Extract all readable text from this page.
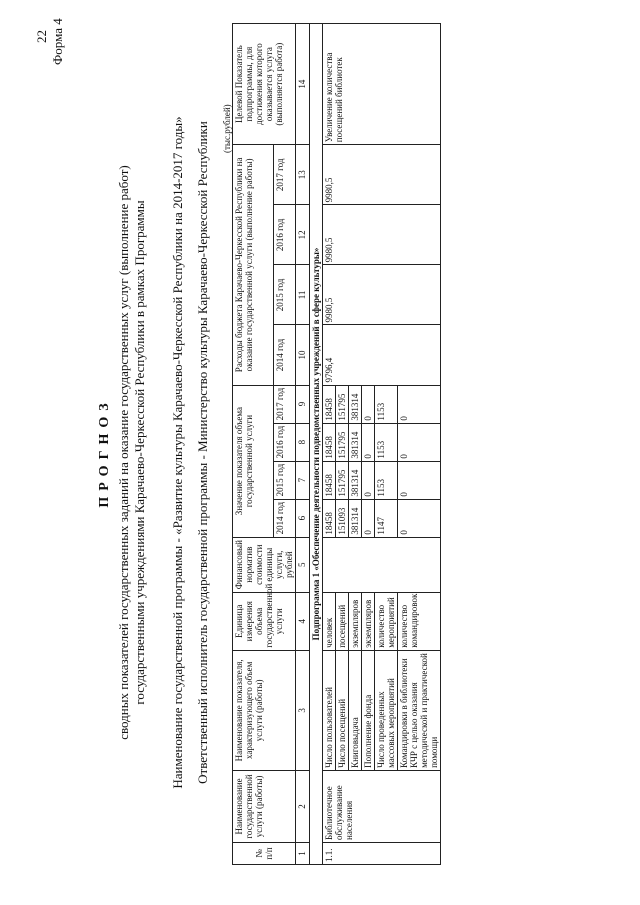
22 Форма 4
ПРОГНОЗ сводных показателей государственных заданий на оказание государственных услуг (выполнение работ) государственными учреждениями Карачаево-Черкесской Республики в рамках Программы Наименование государственной программы - «Развитие культуры Карачаево-Черкесской Республики на 2014-2017 годы» Ответственный исполнитель государственной программы - Министерство культуры Карачаево-Черкесской Республики (тыс.рублей)
№ п/п	Наименование государственной услуги (работы)	Наименование показателя, характеризующего объем услуги (работы)	Единица измерения объема государственной услуги	Финансовый норматив стоимости единицы услуги, рублей	Значение показателя объема государственной услуги				Расходы бюджета Карачаево-Черкесской Республики на оказание государственной услуги (выполнение работы)				Целевой Показатель подпрограммы, для достижения которого оказывается услуга (выполняется работа)
					2014 год	2015 год	2016 год	2017 год	2014 год	2015 год	2016 год	2017 год	
1	2	3	4	5	6	7	8	9	10	11	12	13	14
Подпрограмма 1 «Обеспечение деятельности подведомственных учреждений в сфере культуры»													
1.1.	Библиотечное обслуживание населения	Число пользователей	человек		18458	18458	18458	18458	9796,4	9980,5	9980,5	9980,5	Увеличение количества посещений библиотек
		Число посещений	посещений		151093	151795	151795	151795					
		Книговыдача	экземпляров		381314	381314	381314	381314					
		Пополнение фонда	экземпляров		0	0	0	0					
		Число проведенных массовых мероприятий	количество мероприятий		1147	1153	1153	1153					
		Командировки в библиотеки КЧР с целью оказания методической и практической помощи	количество командировок		0	0	0	0					
